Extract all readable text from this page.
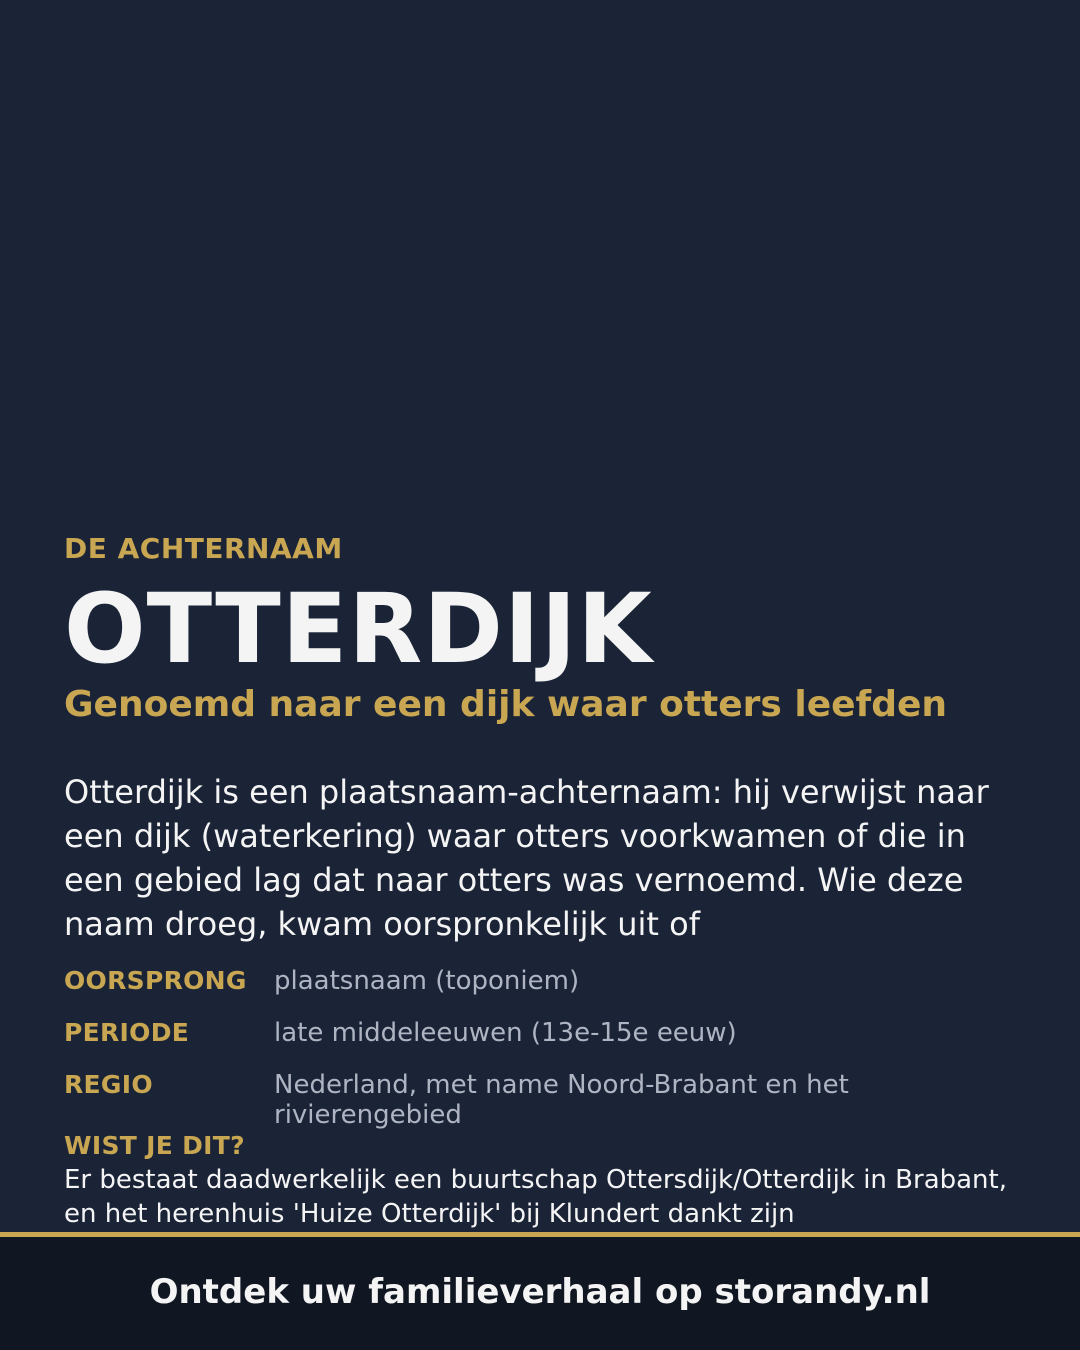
DE ACHTERNAAM
OTTERDIJK
Genoemd naar een dijk waar otters leefden
Otterdijk is een plaatsnaam-achternaam: hij verwijst naar een dijk (waterkering) waar otters voorkwamen of die in een gebied lag dat naar otters was vernoemd. Wie deze naam droeg, kwam oorspronkelijk uit of
OORSPRONG	plaatsnaam (toponiem)
PERIODE	late middeleeuwen (13e-15e eeuw)
REGIO	Nederland, met name Noord-Brabant en het rivierengebied
WIST JE DIT?
Er bestaat daadwerkelijk een buurtschap Ottersdijk/Otterdijk in Brabant, en het herenhuis 'Huize Otterdijk' bij Klundert dankt zijn
Ontdek uw familieverhaal op storandy.nl
